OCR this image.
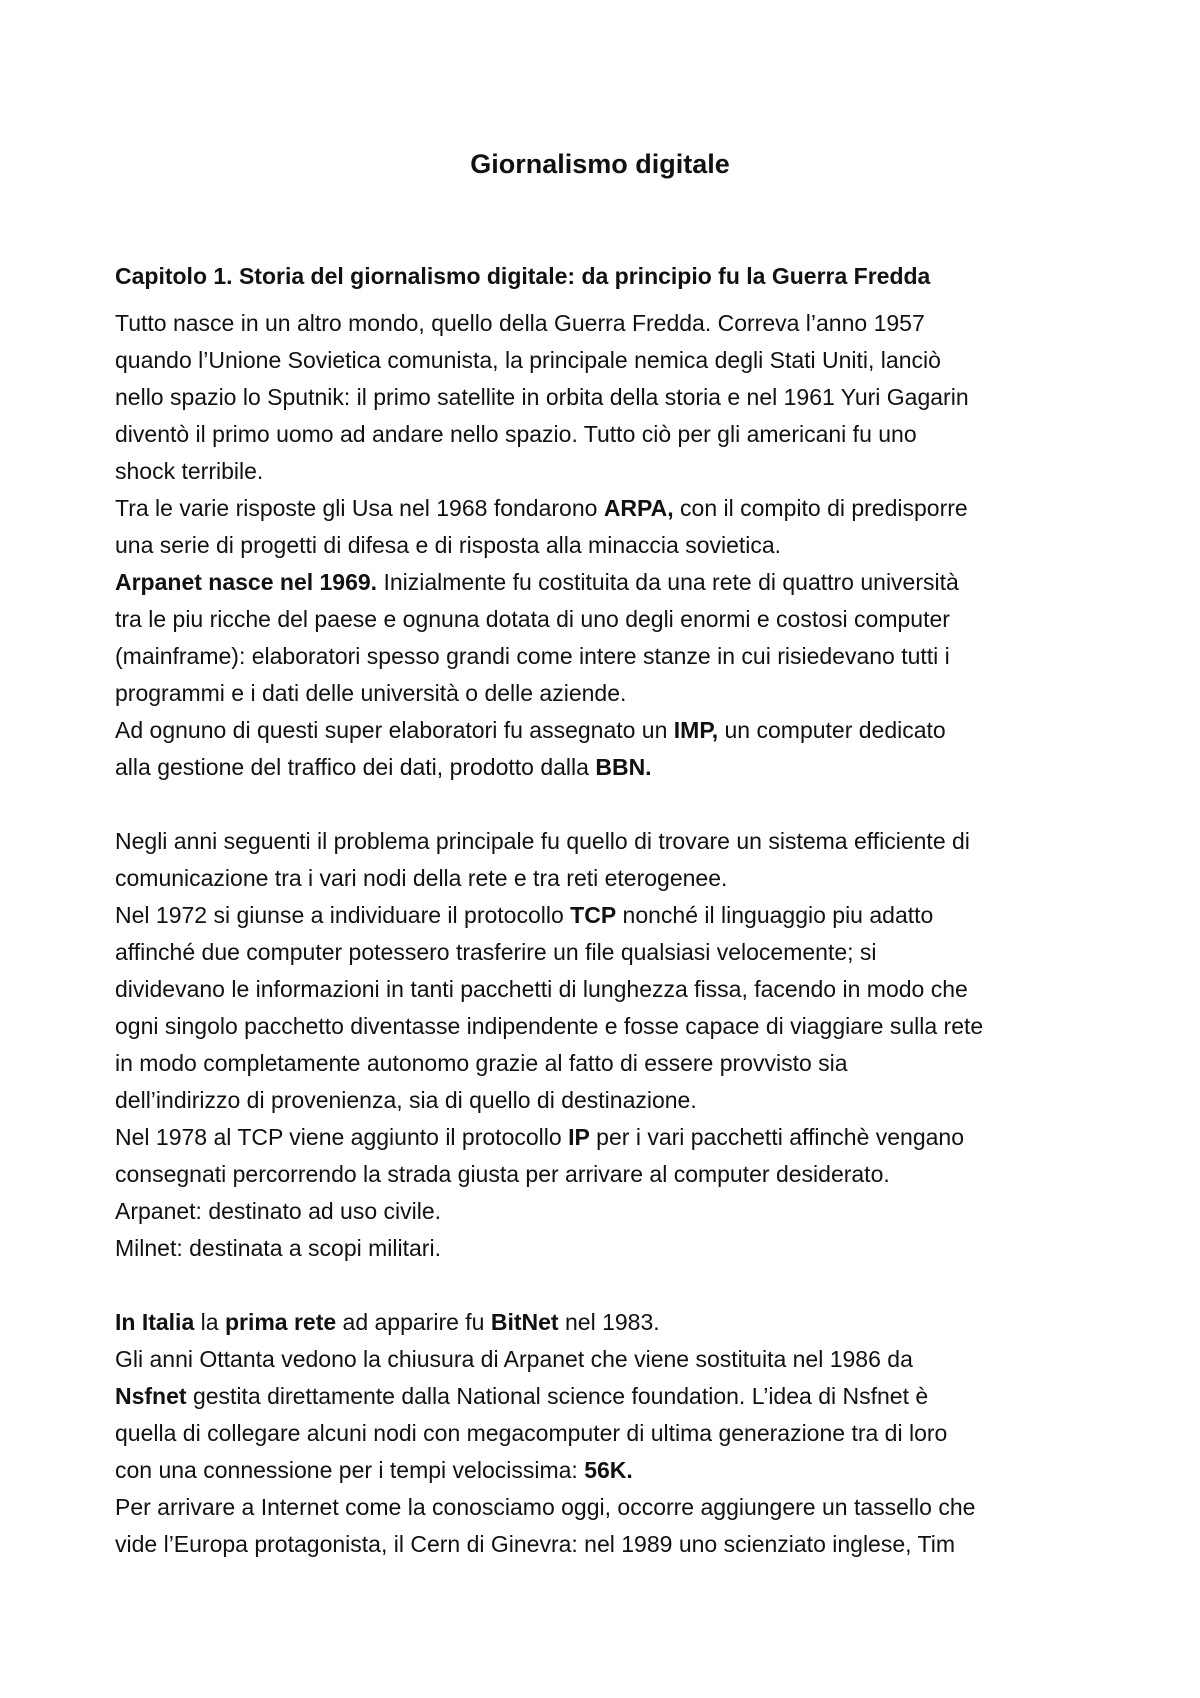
Giornalismo digitale
Capitolo 1. Storia del giornalismo digitale: da principio fu la Guerra Fredda
Tutto nasce in un altro mondo, quello della Guerra Fredda. Correva l’anno 1957
quando l’Unione Sovietica comunista, la principale nemica degli Stati Uniti, lanciò
nello spazio lo Sputnik: il primo satellite in orbita della storia e nel 1961 Yuri Gagarin
diventò il primo uomo ad andare nello spazio. Tutto ciò per gli americani fu uno
shock terribile.
Tra le varie risposte gli Usa nel 1968 fondarono ARPA, con il compito di predisporre
una serie di progetti di difesa e di risposta alla minaccia sovietica.
Arpanet nasce nel 1969. Inizialmente fu costituita da una rete di quattro università
tra le piu ricche del paese e ognuna dotata di uno degli enormi e costosi computer
(mainframe): elaboratori spesso grandi come intere stanze in cui risiedevano tutti i
programmi e i dati delle università o delle aziende.
Ad ognuno di questi super elaboratori fu assegnato un IMP, un computer dedicato
alla gestione del traffico dei dati, prodotto dalla BBN.
Negli anni seguenti il problema principale fu quello di trovare un sistema efficiente di
comunicazione tra i vari nodi della rete e tra reti eterogenee.
Nel 1972 si giunse a individuare il protocollo TCP nonché il linguaggio piu adatto
affinché due computer potessero trasferire un file qualsiasi velocemente; si
dividevano le informazioni in tanti pacchetti di lunghezza fissa, facendo in modo che
ogni singolo pacchetto diventasse indipendente e fosse capace di viaggiare sulla rete
in modo completamente autonomo grazie al fatto di essere provvisto sia
dell’indirizzo di provenienza, sia di quello di destinazione.
Nel 1978 al TCP viene aggiunto il protocollo IP per i vari pacchetti affinchè vengano
consegnati percorrendo la strada giusta per arrivare al computer desiderato.
Arpanet: destinato ad uso civile.
Milnet: destinata a scopi militari.
In Italia la prima rete ad apparire fu BitNet nel 1983.
Gli anni Ottanta vedono la chiusura di Arpanet che viene sostituita nel 1986 da
Nsfnet gestita direttamente dalla National science foundation. L’idea di Nsfnet è
quella di collegare alcuni nodi con megacomputer di ultima generazione tra di loro
con una connessione per i tempi velocissima: 56K.
Per arrivare a Internet come la conosciamo oggi, occorre aggiungere un tassello che
vide l’Europa protagonista, il Cern di Ginevra: nel 1989 uno scienziato inglese, Tim
